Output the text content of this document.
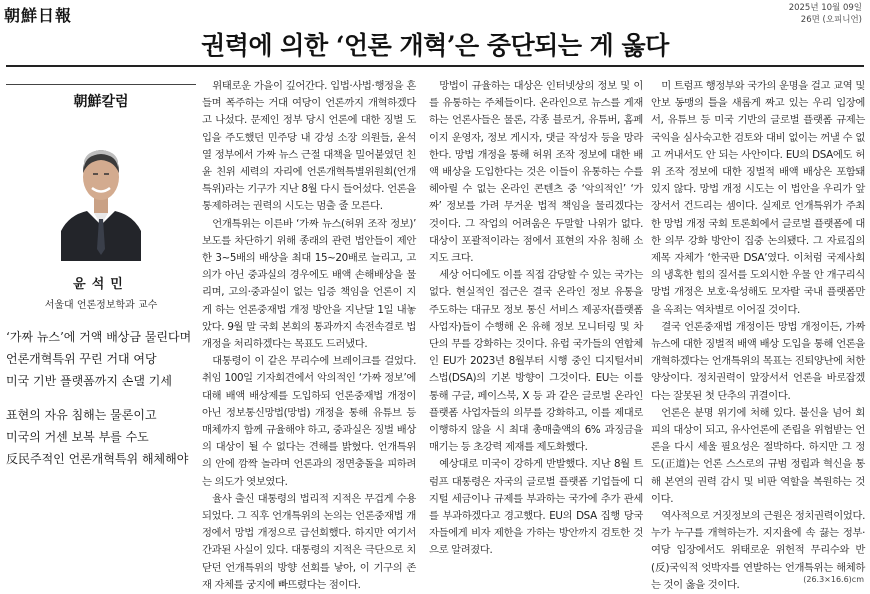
朝鮮日報	2025년 10월 09일
26면 (오피니언)
권력에 의한 ‘언론 개혁’은 중단되는 게 옳다
朝鮮칼럼
윤석민
서울대 언론정보학과 교수
‘가짜 뉴스’에 거액 배상금 물린다며
언론개혁특위 꾸린 거대 여당
미국 기반 플랫폼까지 손댈 기세
표현의 자유 침해는 물론이고
미국의 거센 보복 부를 수도
反民주적인 언론개혁특위 해체해야

위태로운 가을이 깊어간다. 입법·사법·행정을 흔들며 폭주하는 거대 여당이 언론까지 개혁하겠다고 나섰다. 문제인 정부 당시 언론에 대한 징벌 도입을 주도했던 민주당 내 강성 소장 의원들, 윤석열 정부에서 가짜 뉴스 근절 대책을 밀어붙였던 친윤 친위 세력의 자리에 언론개혁특별위원회(언개특위)라는 기구가 지난 8월 다시 들어섰다. 언론을 통제하려는 권력의 시도는 멈출 줄 모른다.

언개특위는 이른바 ‘가짜 뉴스(허위 조작 정보)’ 보도를 차단하기 위해 종래의 관련 법안들이 제안한 3~5배의 배상을 최대 15~20배로 늘리고, 고의가 아닌 중과실의 경우에도 배액 손해배상을 물리며, 고의·중과실이 없는 입증 책임을 언론이 지게 하는 언론중재법 개정 방안을 지난달 1일 내놓았다. 9월 말 국회 본회의 통과까지 속전속결로 법 개정을 처리하겠다는 목표도 드러냈다.

대통령이 이 같은 무리수에 브레이크를 걸었다. 취임 100일 기자회견에서 악의적인 ‘가짜 정보’에 대해 배액 배상제를 도입하되 언론중재법 개정이 아닌 정보통신망법(망법) 개정을 통해 유튜브 등 매체까지 함께 규율해야 하고, 중과실은 징벌 배상의 대상이 될 수 없다는 견해를 밝혔다. 언개특위의 안에 깜짝 놀라며 언론과의 정면충돌을 피하려는 의도가 엿보였다.

율사 출신 대통령의 법리적 지적은 무겁게 수용되었다. 그 직후 언개특위의 논의는 언론중재법 개정에서 망법 개정으로 급선회했다. 하지만 여기서 간과된 사실이 있다. 대통령의 지적은 극단으로 치닫던 언개특위의 방향 선회를 낳아, 이 기구의 존재 자체를 궁지에 빠뜨렸다는 점이다.

망법이 규율하는 대상은 인터넷상의 정보 및 이를 유통하는 주체들이다. 온라인으로 뉴스를 게재하는 언론사들은 물론, 각종 블로거, 유튜버, 홈페이지 운영자, 정보 게시자, 댓글 작성자 등을 망라한다. 망법 개정을 통해 허위 조작 정보에 대한 배액 배상을 도입한다는 것은 이들이 유통하는 수를 헤아릴 수 없는 온라인 콘텐츠 중 ‘악의적인’ ‘가짜’ 정보를 가려 무거운 법적 책임을 물리겠다는 것이다. 그 작업의 어려움은 두말할 나위가 없다. 대상이 포괄적이라는 점에서 표현의 자유 침해 소지도 크다.

세상 어디에도 이를 직접 감당할 수 있는 국가는 없다. 현실적인 접근은 결국 온라인 정보 유통을 주도하는 대규모 정보 통신 서비스 제공자(플랫폼 사업자)들이 수행해 온 유해 정보 모니터링 및 차단의 무를 강화하는 것이다. 유럽 국가들의 연합체인 EU가 2023년 8월부터 시행 중인 디지털서비스법(DSA)의 기본 방향이 그것이다. EU는 이를 통해 구글, 페이스북, X 등 과 같은 글로벌 온라인 플랫폼 사업자들의 의무를 강화하고, 이를 제대로 이행하지 않을 시 최대 총매출액의 6% 과징금을 매기는 등 초강력 제재를 제도화했다.

예상대로 미국이 강하게 반발했다. 지난 8월 트럼프 대통령은 자국의 글로벌 플랫폼 기업들에 디지털 세금이나 규제를 부과하는 국가에 추가 관세를 부과하겠다고 경고했다. EU의 DSA 집행 당국자들에게 비자 제한을 가하는 방안까지 검토한 것으로 알려졌다.

미 트럼프 행정부와 국가의 운명을 걸고 교역 및 안보 동맹의 틀을 새롭게 짜고 있는 우리 입장에서, 유튜브 등 미국 기반의 글로벌 플랫폼 규제는 국익을 심사숙고한 검토와 대비 없이는 꺼낼 수 없고 꺼내서도 안 되는 사안이다. EU의 DSA에도 허위 조작 정보에 대한 징벌적 배액 배상은 포함돼 있지 않다. 망법 개정 시도는 이 법안을 우리가 앞장서서 건드리는 셈이다. 실제로 언개특위가 주최한 망법 개정 국회 토론회에서 글로벌 플랫폼에 대한 의무 강화 방안이 집중 논의됐다. 그 자료집의 제목 자체가 ‘한국판 DSA’였다. 이처럼 국제사회의 냉혹한 힘의 질서를 도외시한 우물 안 개구리식 망법 개정은 보호·육성해도 모자랄 국내 플랫폼만을 옥죄는 역차별로 이어질 것이다.

결국 언론중재법 개정이든 망법 개정이든, 가짜 뉴스에 대한 징벌적 배액 배상 도입을 통해 언론을 개혁하겠다는 언개특위의 목표는 진퇴양난에 처한 양상이다. 정치권력이 앞장서서 언론을 바로잡겠다는 잘못된 첫 단추의 귀결이다.

언론은 분명 위기에 처해 있다. 불신을 넘어 회피의 대상이 되고, 유사언론에 존립을 위협받는 언론을 다시 세울 필요성은 절박하다. 하지만 그 정도(正道)는 언론 스스로의 규범 정립과 혁신을 통해 본연의 권력 감시 및 비판 역할을 복원하는 것이다.

역사적으로 거짓정보의 근원은 정치권력이었다. 누가 누구를 개혁하는가. 지지율에 속 끓는 정부·여당 입장에서도 위태로운 위헌적 무리수와 반(反)국익적 엇박자를 연발하는 언개특위는 해체하는 것이 옳을 것이다.	(26.3×16.6)cm
